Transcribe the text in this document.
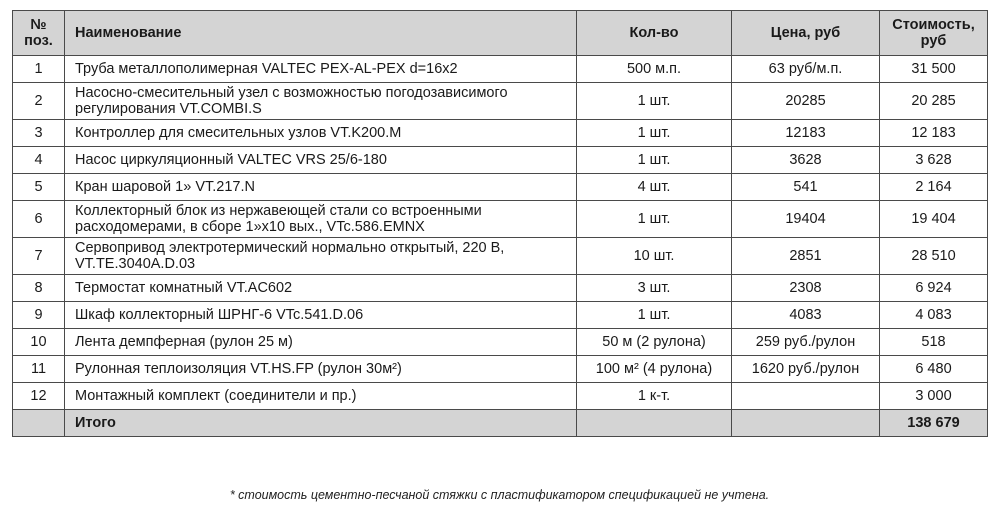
№ поз.	Наименование	Кол-во	Цена, руб	Стоимость, руб
1	Труба металлополимерная VALTEC PEX-AL-PEX d=16x2	500 м.п.	63 руб/м.п.	31 500
2	Насосно-смесительный узел с возможностью погодозависимого регулирования VT.COMBI.S	1 шт.	20285	20 285
3	Контроллер для смесительных узлов VT.K200.M	1 шт.	12183	12 183
4	Насос циркуляционный VALTEC VRS 25/6-180	1 шт.	3628	3 628
5	Кран шаровой 1» VT.217.N	4 шт.	541	2 164
6	Коллекторный блок из нержавеющей стали со встроенными расходомерами, в сборе 1»x10 вых., VTc.586.EMNX	1 шт.	19404	19 404
7	Сервопривод электротермический нормально открытый, 220 В, VT.TE.3040A.D.03	10 шт.	2851	28 510
8	Термостат комнатный VT.AC602	3 шт.	2308	6 924
9	Шкаф коллекторный ШРНГ-6 VTc.541.D.06	1 шт.	4083	4 083
10	Лента демпферная (рулон 25 м)	50 м (2 рулона)	259 руб./рулон	518
11	Рулонная теплоизоляция VT.HS.FP (рулон 30м²)	100 м² (4 рулона)	1620 руб./рулон	6 480
12	Монтажный комплект (соединители и пр.)	1 к-т.		3 000
	Итого			138 679
* стоимость цементно-песчаной стяжки с пластификатором спецификацией не учтена.
